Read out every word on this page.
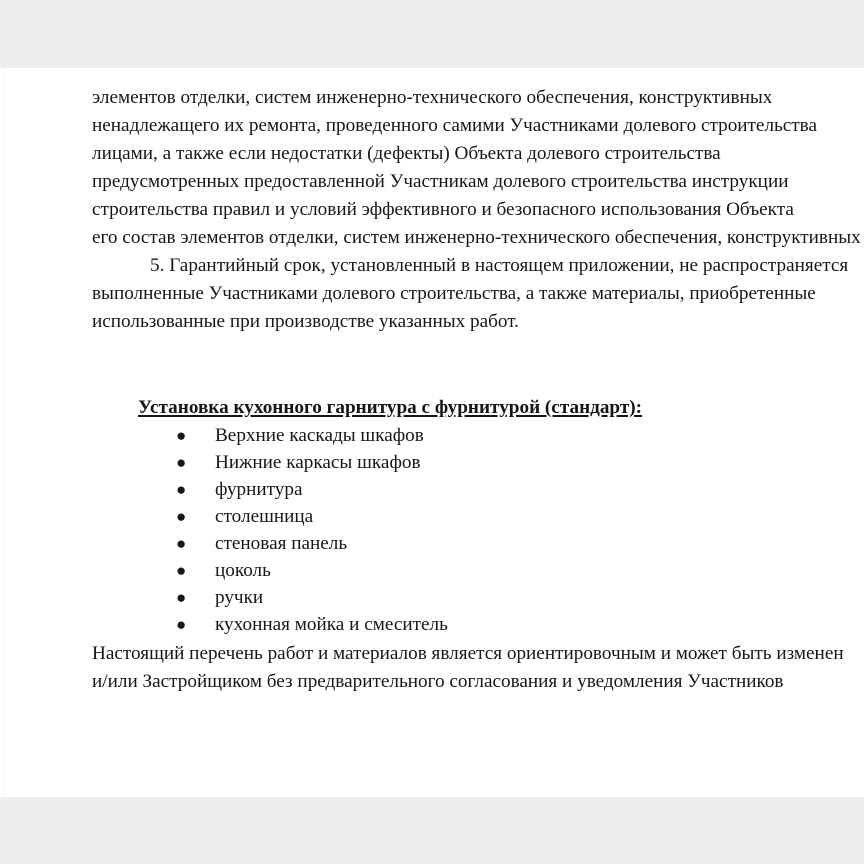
элементов отделки, систем инженерно-технического обеспечения, конструктивных

ненадлежащего их ремонта, проведенного самими Участниками долевого строительства

лицами, а также если недостатки (дефекты) Объекта долевого строительства

предусмотренных предоставленной Участникам долевого строительства инструкции

строительства правил и условий эффективного и безопасного использования Объекта

его состав элементов отделки, систем инженерно-технического обеспечения, конструктивных

5. Гарантийный срок, установленный в настоящем приложении, не распространяется

выполненные Участниками долевого строительства, а также материалы, приобретенные

использованные при производстве указанных работ.

Установка кухонного гарнитура с фурнитурой (стандарт):
● Верхние каскады шкафов
● Нижние каркасы шкафов
● фурнитура
● столешница
● стеновая панель
● цоколь
● ручки
● кухонная мойка и смеситель

Настоящий перечень работ и материалов является ориентировочным и может быть изменен

и/или Застройщиком без предварительного согласования и уведомления Участников
